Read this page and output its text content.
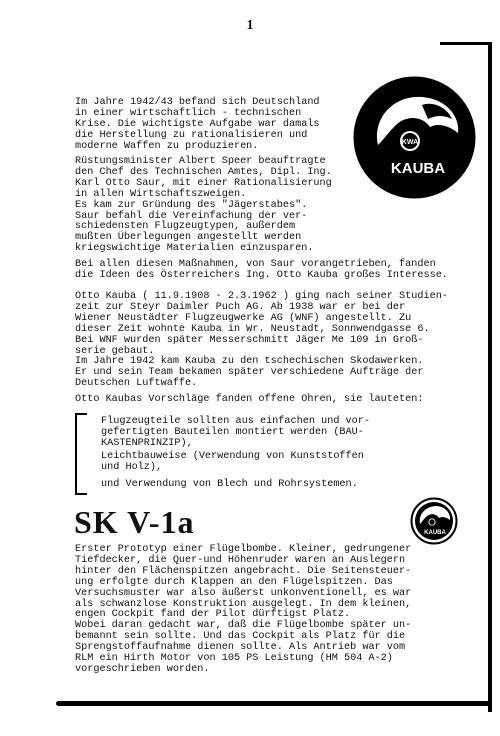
1
KWA
KAUBA

Im Jahre 1942/43 befand sich Deutschland
in einer wirtschaftlich - technischen
Krise. Die wichtigste Aufgabe war damals
die Herstellung zu rationalisieren und
moderne Waffen zu produzieren.

Rüstungsminister Albert Speer beauftragte
den Chef des Technischen Amtes, Dipl. Ing.
Karl Otto Saur, mit einer Rationalisierung
in allen Wirtschaftszweigen.
Es kam zur Gründung des "Jägerstabes".
Saur befahl die Vereinfachung der ver-
schiedensten Flugzeugtypen, außerdem
mußten Überlegungen angestellt werden
kriegswichtige Materialien einzusparen.

Bei allen diesen Maßnahmen, von Saur vorangetrieben, fanden
die Ideen des Österreichers Ing. Otto Kauba großes Interesse.

Otto Kauba ( 11.9.1908 - 2.3.1962 ) ging nach seiner Studien-
zeit zur Steyr Daimler Puch AG. Ab 1938 war er bei der
Wiener Neustädter Flugzeugwerke AG (WNF) angestellt. Zu
dieser Zeit wohnte Kauba in Wr. Neustadt, Sonnwendgasse 6.
Bei WNF wurden später Messerschmitt Jäger Me 109 in Groß-
serie gebaut.
Im Jahre 1942 kam Kauba zu den tschechischen Skodawerken.
Er und sein Team bekamen später verschiedene Aufträge der
Deutschen Luftwaffe.

Otto Kaubas Vorschläge fanden offene Ohren, sie lauteten:

Flugzeugteile sollten aus einfachen und vor-
gefertigten Bauteilen montiert werden (BAU-
KASTENPRINZIP),

Leichtbauweise (Verwendung von Kunststoffen
und Holz),

und Verwendung von Blech und Rohrsystemen.

SK V-1a	KAUBA

Erster Prototyp einer Flügelbombe. Kleiner, gedrungener
Tiefdecker, die Quer-und Höhenruder waren an Auslegern
hinter den Flächenspitzen angebracht. Die Seitensteuer-
ung erfolgte durch Klappen an den Flügelspitzen. Das
Versuchsmuster war also äußerst unkonventionell, es war
als schwanzlose Konstruktion ausgelegt. In dem kleinen,
engen Cockpit fand der Pilot dürftigst Platz.
Wobei daran gedacht war, daß die Flügelbombe später un-
bemannt sein sollte. Und das Cockpit als Platz für die
Sprengstoffaufnahme dienen sollte. Als Antrieb war vom
RLM ein Hirth Motor von 105 PS Leistung (HM 504 A-2)
vorgeschrieben worden.
